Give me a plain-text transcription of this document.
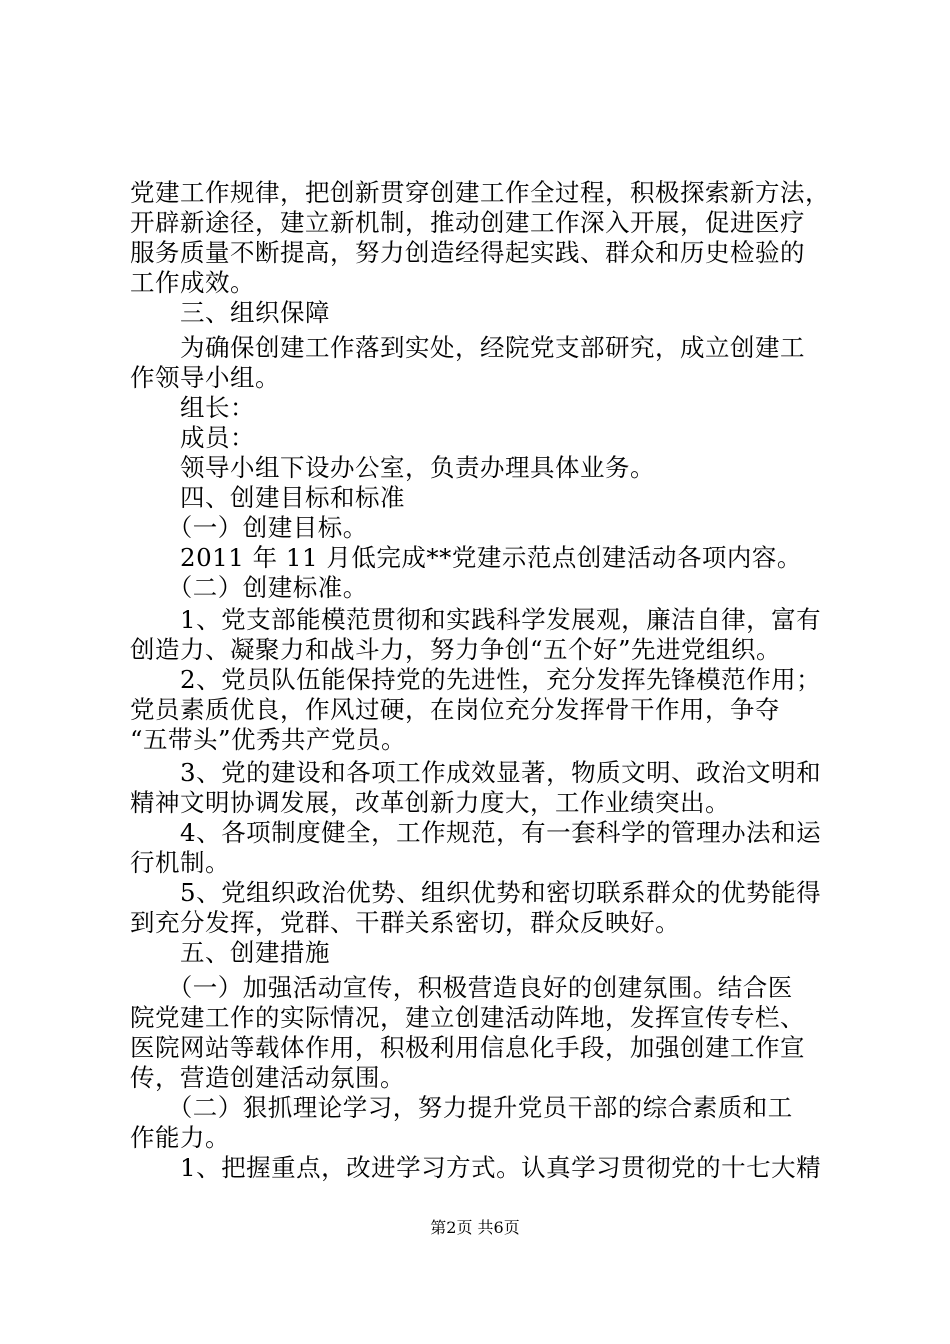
党建工作规律，把创新贯穿创建工作全过程，积极探索新方法，
开辟新途径，建立新机制，推动创建工作深入开展，促进医疗
服务质量不断提高，努力创造经得起实践、群众和历史检验的
工作成效。
　　三、组织保障
　　为确保创建工作落到实处，经院党支部研究，成立创建工
作领导小组。
　　组长：
　　成员：
　　领导小组下设办公室，负责办理具体业务。
　　四、创建目标和标准
　　（一）创建目标。
　　2011 年 11 月低完成**党建示范点创建活动各项内容。
　　（二）创建标准。
　　1、党支部能模范贯彻和实践科学发展观，廉洁自律，富有
创造力、凝聚力和战斗力，努力争创“五个好”先进党组织。
　　2、党员队伍能保持党的先进性，充分发挥先锋模范作用；
党员素质优良，作风过硬，在岗位充分发挥骨干作用，争夺
“五带头”优秀共产党员。
　　3、党的建设和各项工作成效显著，物质文明、政治文明和
精神文明协调发展，改革创新力度大，工作业绩突出。
　　4、各项制度健全，工作规范，有一套科学的管理办法和运
行机制。
　　5、党组织政治优势、组织优势和密切联系群众的优势能得
到充分发挥，党群、干群关系密切，群众反映好。
　　五、创建措施
　　（一）加强活动宣传，积极营造良好的创建氛围。结合医
院党建工作的实际情况，建立创建活动阵地，发挥宣传专栏、
医院网站等载体作用，积极利用信息化手段，加强创建工作宣
传，营造创建活动氛围。
　　（二）狠抓理论学习，努力提升党员干部的综合素质和工
作能力。
　　1、把握重点，改进学习方式。认真学习贯彻党的十七大精
第2页 共6页
